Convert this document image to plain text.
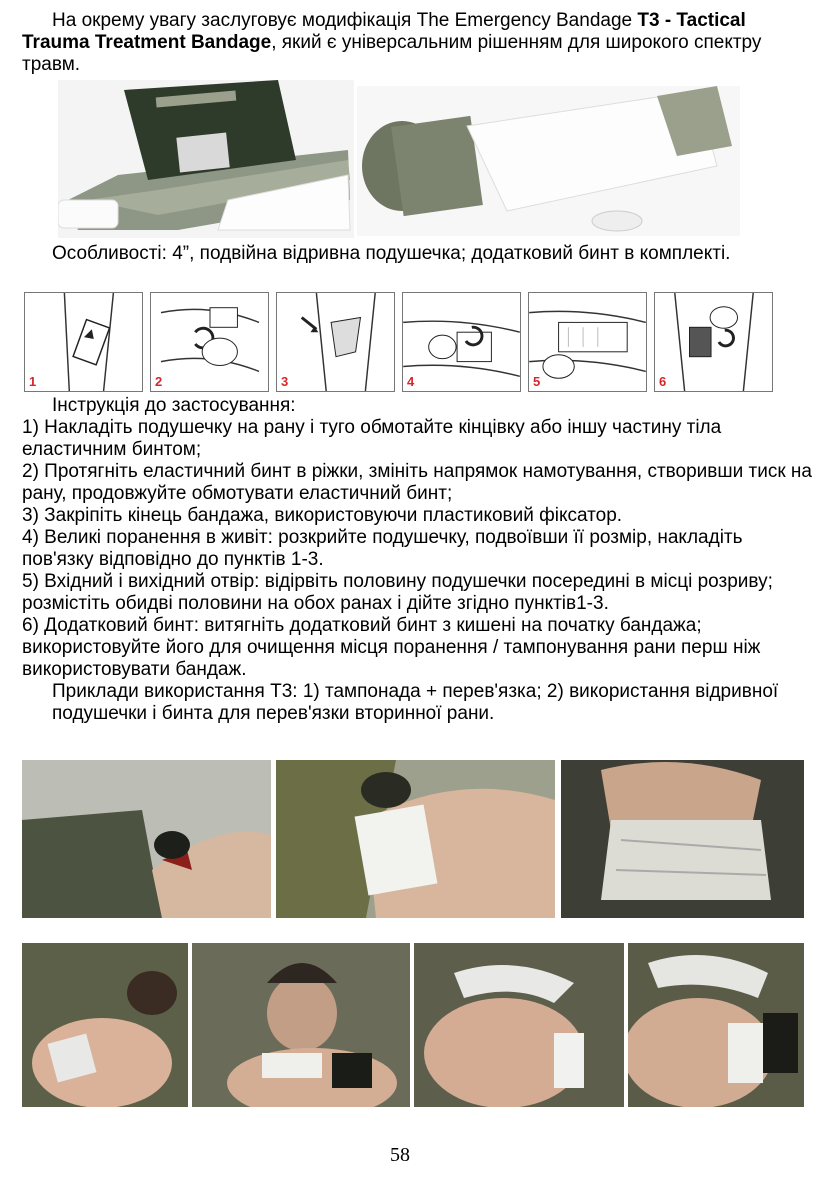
На окрему увагу заслуговує модифікація The Emergency Bandage T3 - Tactical Trauma Treatment Bandage, який є універсальним рішенням для широкого спектру травм.

Особливості: 4”, подвійна відривна подушечка; додатковий бинт в комплекті.

1	2	3	4	5	6
Інструкція до застосування:
1) Накладіть подушечку на рану і туго обмотайте кінцівку або іншу частину тіла еластичним бинтом;
2) Протягніть еластичний бинт в ріжки, змініть напрямок намотування, створивши тиск на рану, продовжуйте обмотувати еластичний бинт;
3) Закріпіть кінець бандажа, використовуючи пластиковий фіксатор.
4) Великі поранення в живіт: розкрийте подушечку, подвоївши її розмір, накладіть пов'язку відповідно до пунктів 1-3.
5) Вхідний і вихідний отвір: відірвіть половину подушечки посередині в місці розриву; розмістіть обидві половини на обох ранах і дійте згідно пунктів1-3.
6) Додатковий бинт: витягніть додатковий бинт з кишені на початку бандажа; використовуйте його для очищення місця поранення / тампонування рани перш ніж використовувати бандаж.
Приклади використання Т3: 1) тампонада + перев'язка; 2) використання відривної подушечки і бинта для перев'язки вторинної рани.
58
